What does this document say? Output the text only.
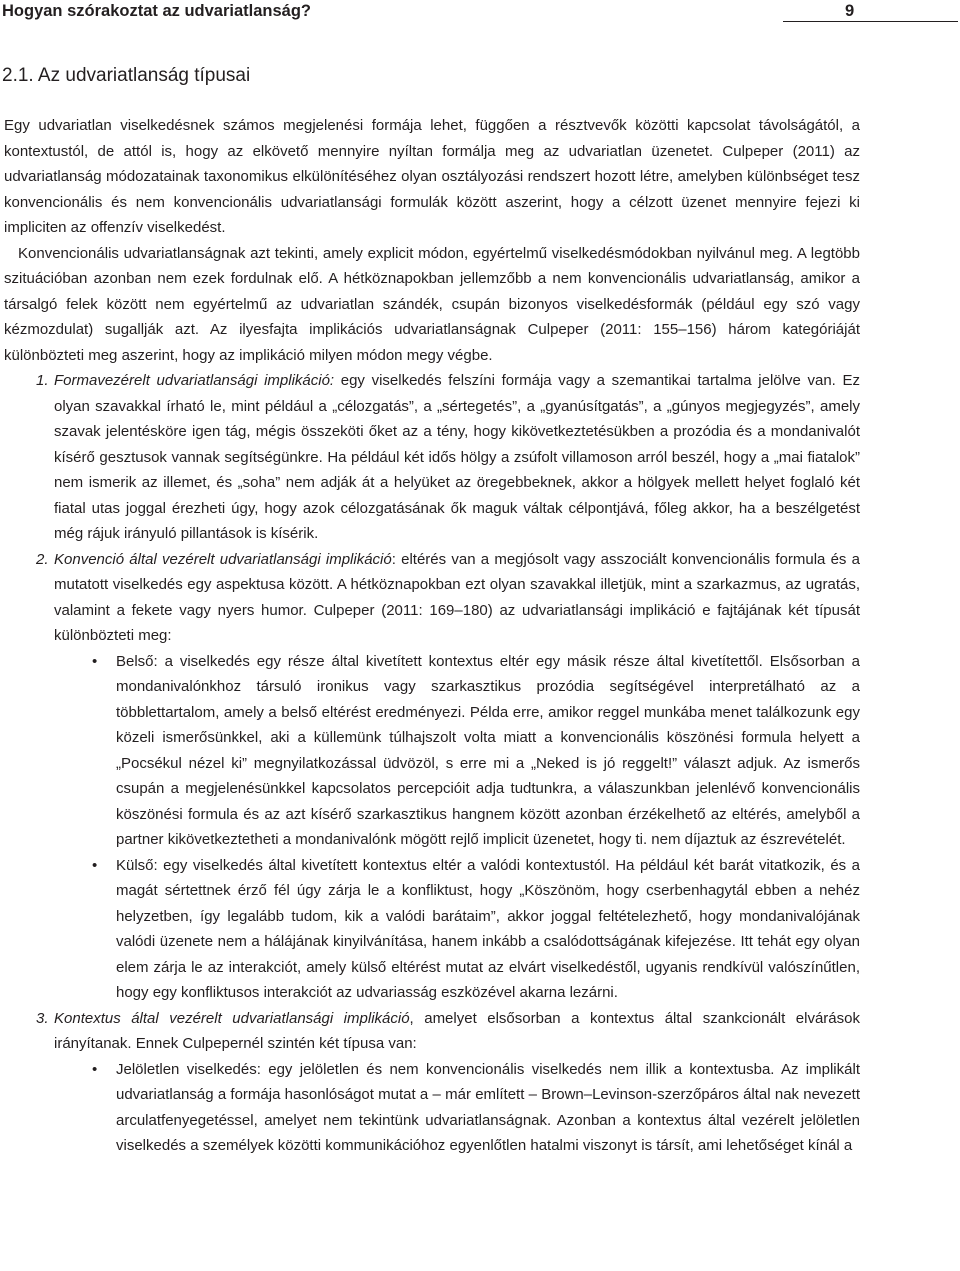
Hogyan szórakoztat az udvariatlanság?	9
2.1. Az udvariatlanság típusai

Egy udvariatlan viselkedésnek számos megjelenési formája lehet, függően a résztvevők közötti kapcsolat távolságától, a kontextustól, de attól is, hogy az elkövető mennyire nyíltan formálja meg az udvariatlan üzenetet. Culpeper (2011) az udvariatlanság módozatainak taxonomikus elkülönítéséhez olyan osztályozási rendszert hozott létre, amelyben különbséget tesz konvencionális és nem konvencionális udvariatlansági formulák között aszerint, hogy a célzott üzenet mennyire fejezi ki impliciten az offenzív viselkedést.

Konvencionális udvariatlanságnak azt tekinti, amely explicit módon, egyértelmű viselkedésmódokban nyilvánul meg. A legtöbb szituációban azonban nem ezek fordulnak elő. A hétköznapokban jellemzőbb a nem konvencionális udvariatlanság, amikor a társalgó felek között nem egyértelmű az udvariatlan szándék, csupán bizonyos viselkedésformák (például egy szó vagy kézmozdulat) sugallják azt. Az ilyesfajta implikációs udvariatlanságnak Culpeper (2011: 155–156) három kategóriáját különbözteti meg aszerint, hogy az implikáció milyen módon megy végbe.

1. Formavezérelt udvariatlansági implikáció: egy viselkedés felszíni formája vagy a szemantikai tartalma jelölve van. Ez olyan szavakkal írható le, mint például a „célozgatás”, a „sértegetés”, a „gyanúsítgatás”, a „gúnyos megjegyzés”, amely szavak jelentésköre igen tág, mégis összeköti őket az a tény, hogy kikövetkeztetésükben a prozódia és a mondanivalót kísérő gesztusok vannak segítségünkre. Ha például két idős hölgy a zsúfolt villamoson arról beszél, hogy a „mai fiatalok” nem ismerik az illemet, és „soha” nem adják át a helyüket az öregebbeknek, akkor a hölgyek mellett helyet foglaló két fiatal utas joggal érezheti úgy, hogy azok célozgatásának ők maguk váltak célpontjává, főleg akkor, ha a beszélgetést még rájuk irányuló pillantások is kísérik.
2. Konvenció által vezérelt udvariatlansági implikáció: eltérés van a megjósolt vagy asszociált konvencionális formula és a mutatott viselkedés egy aspektusa között. A hétköznapokban ezt olyan szavakkal illetjük, mint a szarkazmus, az ugratás, valamint a fekete vagy nyers humor. Culpeper (2011: 169–180) az udvariatlansági implikáció e fajtájának két típusát különbözteti meg:
• Belső: a viselkedés egy része által kivetített kontextus eltér egy másik része által kivetítettől. Elsősorban a mondanivalónkhoz társuló ironikus vagy szarkasztikus prozódia segítségével interpretálható az a többlettartalom, amely a belső eltérést eredményezi. Példa erre, amikor reggel munkába menet találkozunk egy közeli ismerősünkkel, aki a küllemünk túlhajszolt volta miatt a konvencionális köszönési formula helyett a „Pocsékul nézel ki” megnyilatkozással üdvözöl, s erre mi a „Neked is jó reggelt!” választ adjuk. Az ismerős csupán a megjelenésünkkel kapcsolatos percepcióit adja tudtunkra, a válaszunkban jelenlévő konvencionális köszönési formula és az azt kísérő szarkasztikus hangnem között azonban érzékelhető az eltérés, amelyből a partner kikövetkeztetheti a mondanivalónk mögött rejlő implicit üzenetet, hogy ti. nem díjaztuk az észrevételét.
• Külső: egy viselkedés által kivetített kontextus eltér a valódi kontextustól. Ha például két barát vitatkozik, és a magát sértettnek érző fél úgy zárja le a konfliktust, hogy „Köszönöm, hogy cserbenhagytál ebben a nehéz helyzetben, így legalább tudom, kik a valódi barátaim”, akkor joggal feltételezhető, hogy mondanivalójának valódi üzenete nem a hálájának kinyilvánítása, hanem inkább a csalódottságának kifejezése. Itt tehát egy olyan elem zárja le az interakciót, amely külső eltérést mutat az elvárt viselkedéstől, ugyanis rendkívül valószínűtlen, hogy egy konfliktusos interakciót az udvariasság eszközével akarna lezárni.
3. Kontextus által vezérelt udvariatlansági implikáció, amelyet elsősorban a kontextus által szankcionált elvárások irányítanak. Ennek Culpepernél szintén két típusa van:
• Jelöletlen viselkedés: egy jelöletlen és nem konvencionális viselkedés nem illik a kontextusba. Az implikált udvariatlanság a formája hasonlóságot mutat a – már említett – Brown–Levinson-szerzőpáros által nak nevezett arculatfenyegetéssel, amelyet nem tekintünk udvariatlanságnak. Azonban a kontextus által vezérelt jelöletlen viselkedés a személyek közötti kommunikációhoz egyenlőtlen hatalmi viszonyt is társít, ami lehetőséget kínál a
